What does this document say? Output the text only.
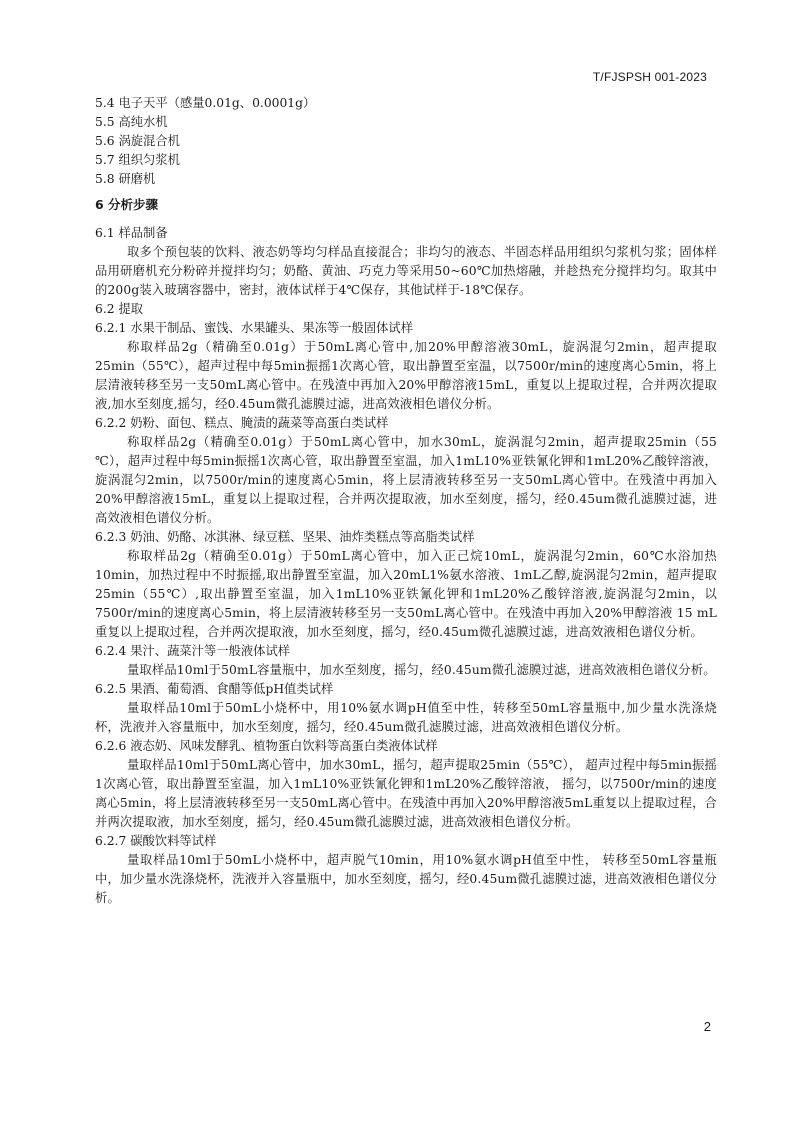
T/FJSPSH 001-2023
5.4 电子天平（感量0.01g、0.0001g）
5.5 高纯水机
5.6 涡旋混合机
5.7 组织匀浆机
5.8 研磨机
6 分析步骤
6.1 样品制备
取多个预包装的饮料、液态奶等均匀样品直接混合；非均匀的液态、半固态样品用组织匀浆机匀浆；固体样品用研磨机充分粉碎并搅拌均匀；奶酪、黄油、巧克力等采用50~60℃加热熔融，并趁热充分搅拌均匀。取其中的200g装入玻璃容器中，密封，液体试样于4℃保存，其他试样于-18℃保存。
6.2 提取
6.2.1 水果干制品、蜜饯、水果罐头、果冻等一般固体试样
称取样品2g（精确至0.01g）于50mL离心管中,加20%甲醇溶液30mL，旋涡混匀2min，超声提取 25min（55℃），超声过程中每5min振摇1次离心管，取出静置至室温，以7500r/min的速度离心5min，将上层清液转移至另一支50mL离心管中。在残渣中再加入20%甲醇溶液15mL，重复以上提取过程，合并两次提取液,加水至刻度,摇匀，经0.45um微孔滤膜过滤，进高效液相色谱仪分析。
6.2.2 奶粉、面包、糕点、腌渍的蔬菜等高蛋白类试样
称取样品2g（精确至0.01g）于50mL离心管中，加水30mL，旋涡混匀2min，超声提取25min（55 ℃），超声过程中每5min振摇1次离心管，取出静置至室温，加入1mL10%亚铁氰化钾和1mL20%乙酸锌溶液，旋涡混匀2min，以7500r/min的速度离心5min，将上层清液转移至另一支50mL离心管中。在残渣中再加入20%甲醇溶液15mL，重复以上提取过程，合并两次提取液，加水至刻度，摇匀，经0.45um微孔滤膜过滤，进高效液相色谱仪分析。
6.2.3 奶油、奶酪、冰淇淋、绿豆糕、坚果、油炸类糕点等高脂类试样
称取样品2g（精确至0.01g）于50mL离心管中，加入正己烷10mL，旋涡混匀2min，60℃水浴加热10min，加热过程中不时振摇,取出静置至室温，加入20mL1%氨水溶液、1mL乙醇,旋涡混匀2min，超声提取25min（55℃）,取出静置至室温，加入1mL10%亚铁氰化钾和1mL20%乙酸锌溶液,旋涡混匀2min，以7500r/min的速度离心5min，将上层清液转移至另一支50mL离心管中。在残渣中再加入20%甲醇溶液 15 mL重复以上提取过程，合并两次提取液，加水至刻度，摇匀，经0.45um微孔滤膜过滤，进高效液相色谱仪分析。
6.2.4 果汁、蔬菜汁等一般液体试样
量取样品10ml于50mL容量瓶中，加水至刻度，摇匀，经0.45um微孔滤膜过滤，进高效液相色谱仪分析。
6.2.5 果酒、葡萄酒、食醋等低pH值类试样
量取样品10ml于50mL小烧杯中，用10%氨水调pH值至中性，转移至50mL容量瓶中,加少量水洗涤烧杯，洗液并入容量瓶中，加水至刻度，摇匀，经0.45um微孔滤膜过滤，进高效液相色谱仪分析。
6.2.6 液态奶、风味发酵乳、植物蛋白饮料等高蛋白类液体试样
量取样品10ml于50mL离心管中，加水30mL，摇匀，超声提取25min（55℃）， 超声过程中每5min振摇1次离心管，取出静置至室温，加入1mL10%亚铁氰化钾和1mL20%乙酸锌溶液， 摇匀，以7500r/min的速度离心5min，将上层清液转移至另一支50mL离心管中。在残渣中再加入20%甲醇溶液5mL重复以上提取过程，合并两次提取液，加水至刻度，摇匀，经0.45um微孔滤膜过滤，进高效液相色谱仪分析。
6.2.7 碳酸饮料等试样
量取样品10ml于50mL小烧杯中，超声脱气10min，用10%氨水调pH值至中性， 转移至50mL容量瓶中，加少量水洗涤烧杯，洗液并入容量瓶中，加水至刻度，摇匀，经0.45um微孔滤膜过滤，进高效液相色谱仪分析。
2
